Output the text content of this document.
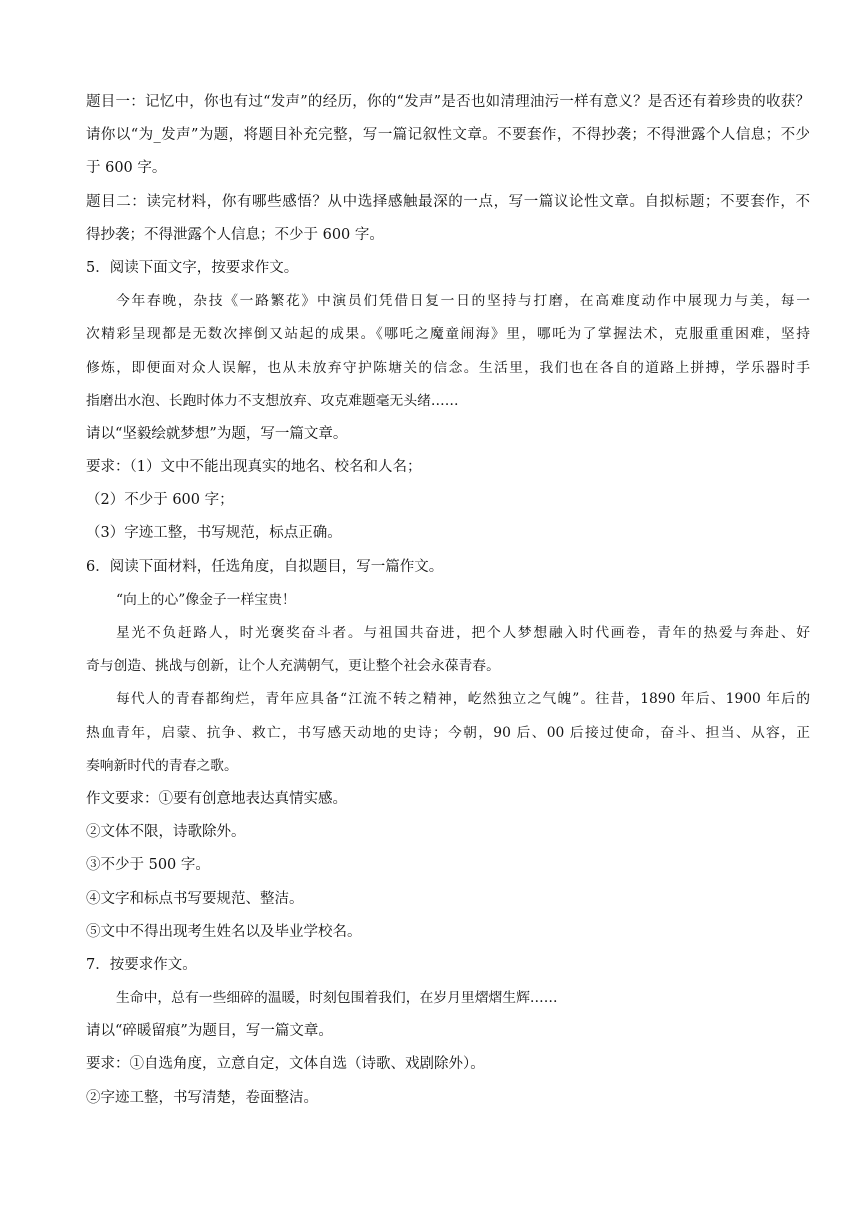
题目一：记忆中，你也有过“发声”的经历，你的“发声”是否也如清理油污一样有意义？是否还有着珍贵的收获？
请你以“为_发声”为题，将题目补充完整，写一篇记叙性文章。不要套作，不得抄袭；不得泄露个人信息；不少
于 600 字。
题目二：读完材料，你有哪些感悟？从中选择感触最深的一点，写一篇议论性文章。自拟标题；不要套作，不
得抄袭；不得泄露个人信息；不少于 600 字。
5．阅读下面文字，按要求作文。
今年春晚，杂技《一路繁花》中演员们凭借日复一日的坚持与打磨，在高难度动作中展现力与美，每一
次精彩呈现都是无数次摔倒又站起的成果。《哪吒之魔童闹海》里，哪吒为了掌握法术，克服重重困难，坚持
修炼，即便面对众人误解，也从未放弃守护陈塘关的信念。生活里，我们也在各自的道路上拼搏，学乐器时手
指磨出水泡、长跑时体力不支想放弃、攻克难题毫无头绪……
请以“坚毅绘就梦想”为题，写一篇文章。
要求：（1）文中不能出现真实的地名、校名和人名；
（2）不少于 600 字；
（3）字迹工整，书写规范，标点正确。
6．阅读下面材料，任选角度，自拟题目，写一篇作文。
“向上的心”像金子一样宝贵！
星光不负赶路人，时光褒奖奋斗者。与祖国共奋进，把个人梦想融入时代画卷，青年的热爱与奔赴、好
奇与创造、挑战与创新，让个人充满朝气，更让整个社会永葆青春。
每代人的青春都绚烂，青年应具备“江流不转之精神，屹然独立之气魄”。往昔，1890 年后、1900 年后的
热血青年，启蒙、抗争、救亡，书写感天动地的史诗；今朝，90 后、00 后接过使命，奋斗、担当、从容，正
奏响新时代的青春之歌。
作文要求：①要有创意地表达真情实感。
②文体不限，诗歌除外。
③不少于 500 字。
④文字和标点书写要规范、整洁。
⑤文中不得出现考生姓名以及毕业学校名。
7．按要求作文。
生命中，总有一些细碎的温暖，时刻包围着我们，在岁月里熠熠生辉……
请以“碎暖留痕”为题目，写一篇文章。
要求：①自选角度，立意自定，文体自选（诗歌、戏剧除外）。
②字迹工整，书写清楚，卷面整洁。
